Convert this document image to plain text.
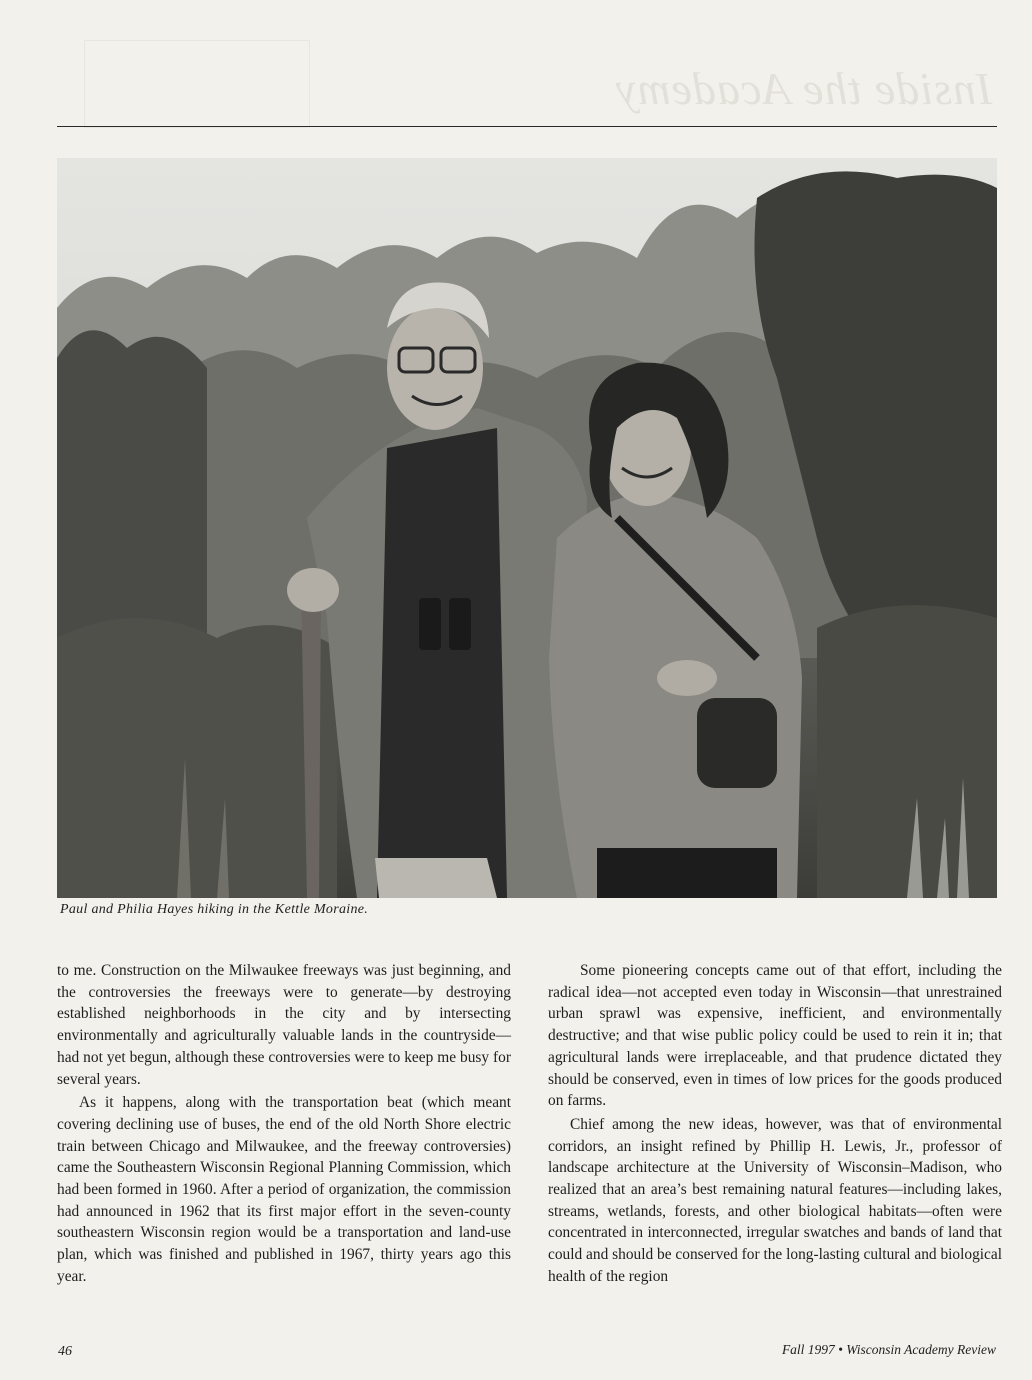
Inside the Academy
Paul and Philia Hayes hiking in the Kettle Moraine.

to me. Construction on the Milwaukee freeways was just beginning, and the controversies the freeways were to generate—by destroying established neighborhoods in the city and by intersecting environmentally and agriculturally valuable lands in the countryside—had not yet begun, although these controversies were to keep me busy for several years.

As it happens, along with the transportation beat (which meant covering declining use of buses, the end of the old North Shore electric train between Chicago and Milwaukee, and the freeway controversies) came the Southeastern Wisconsin Regional Planning Commission, which had been formed in 1960. After a period of organization, the commission had announced in 1962 that its first major effort in the seven-county southeastern Wisconsin region would be a transportation and land-use plan, which was finished and published in 1967, thirty years ago this year.

Some pioneering concepts came out of that effort, including the radical idea—not accepted even today in Wisconsin—that unrestrained urban sprawl was expensive, inefficient, and environmentally destructive; and that wise public policy could be used to rein it in; that agricultural lands were irreplaceable, and that prudence dictated they should be conserved, even in times of low prices for the goods produced on farms.

Chief among the new ideas, however, was that of environmental corridors, an insight refined by Phillip H. Lewis, Jr., professor of landscape architecture at the University of Wisconsin–Madison, who realized that an area’s best remaining natural features—including lakes, streams, wetlands, forests, and other biological habitats—often were concentrated in interconnected, irregular swatches and bands of land that could and should be conserved for the long-lasting cultural and biological health of the region

46	Fall 1997 • Wisconsin Academy Review
